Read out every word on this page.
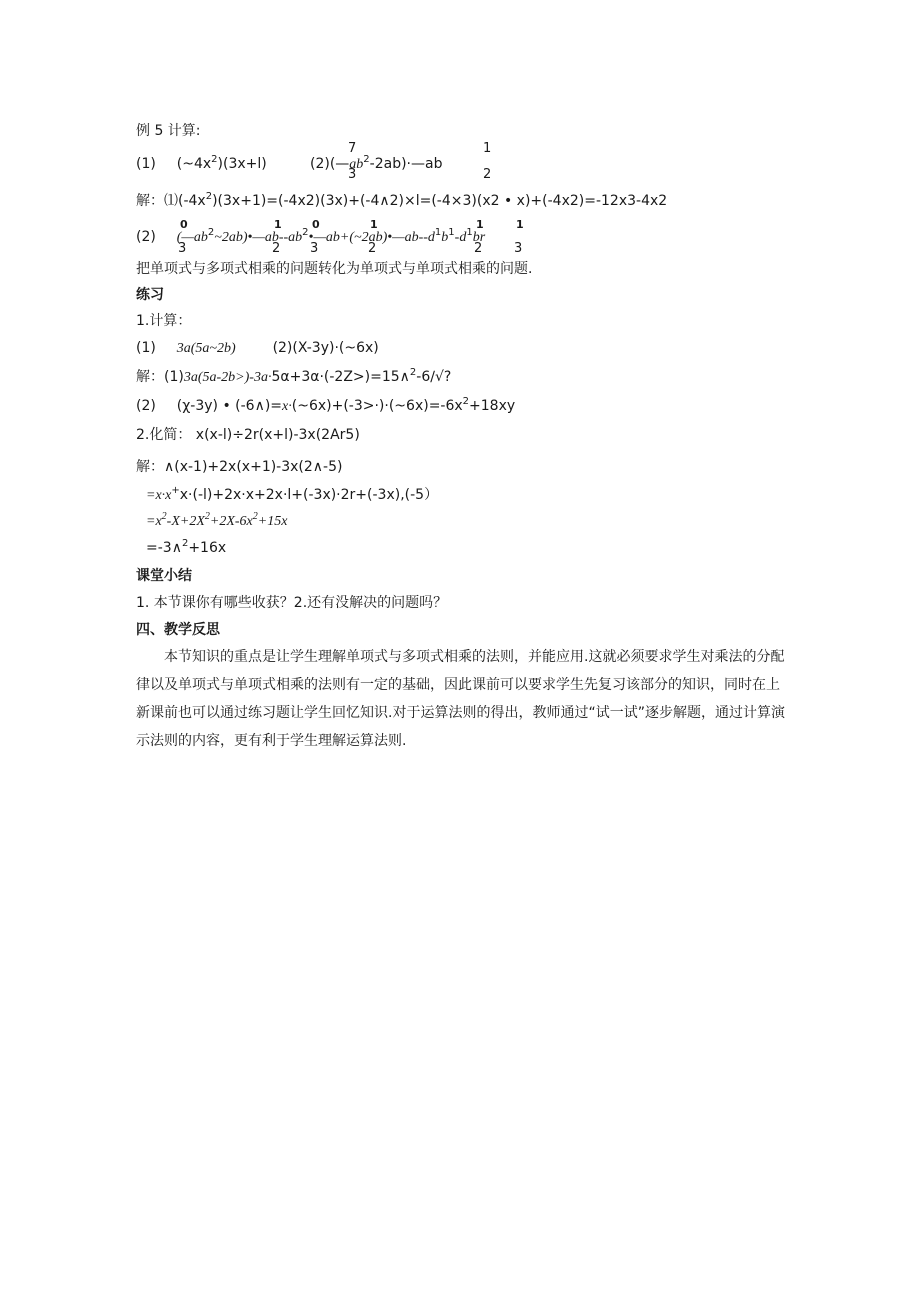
例 5 计算:
(1) $(\sim 4x^2)(3x+l)$
7
3
1
2
$(2)(—ab^2-2ab)\cdot—ab$
解：$⑴(-4x^2)(3x+1)=(-4x2)(3x)+(-4\wedge 2)\times l=(-4\times 3)(x2$ • x)+(-4x2)=-12x3-4x2
0
3
1
2
0
3
1
2
1
2
1
3
(2) $(—ab^2\sim 2ab)•—ab--ab^2•—ab+(\sim 2ab)•—ab--d^1b^1-d^1br$
把单项式与多项式相乘的问题转化为单项式与单项式相乘的问题.
练习
1.计算：
(1) 3a(5a~2b)	(2)(X-3y)·(~6x)
解：(1)3a(5a-2b>)-3a·5α+3α·(-2Z>)=15∧$^2$-6∕√?
(2) (χ-3y) • $(-6\wedge)=x\cdot(\sim 6x)+(-3>\cdot)\cdot(\sim 6x)=-6x^2+18xy$
2.化简： x(x-l)÷2r(x+l)-3x(2Ar5)
解：∧(x-1)+2x(x+1)-3x(2∧-5)
=x·x+x·(-l)+2x·x+2x·l+(-3x)·2r+(-3x),(-5）
$=x^2-X+2X^2+2X-6x^2+15x$
=-3∧$^2$+16x
课堂小结
1. 本节课你有哪些收获？2.还有没解决的问题吗？
四、教学反思
本节知识的重点是让学生理解单项式与多项式相乘的法则，并能应用.这就必须要求学生对乘法的分配律以及单项式与单项式相乘的法则有一定的基础，因此课前可以要求学生先复习该部分的知识，同时在上新课前也可以通过练习题让学生回忆知识.对于运算法则的得出，教师通过“试一试”逐步解题，通过计算演示法则的内容，更有利于学生理解运算法则.
